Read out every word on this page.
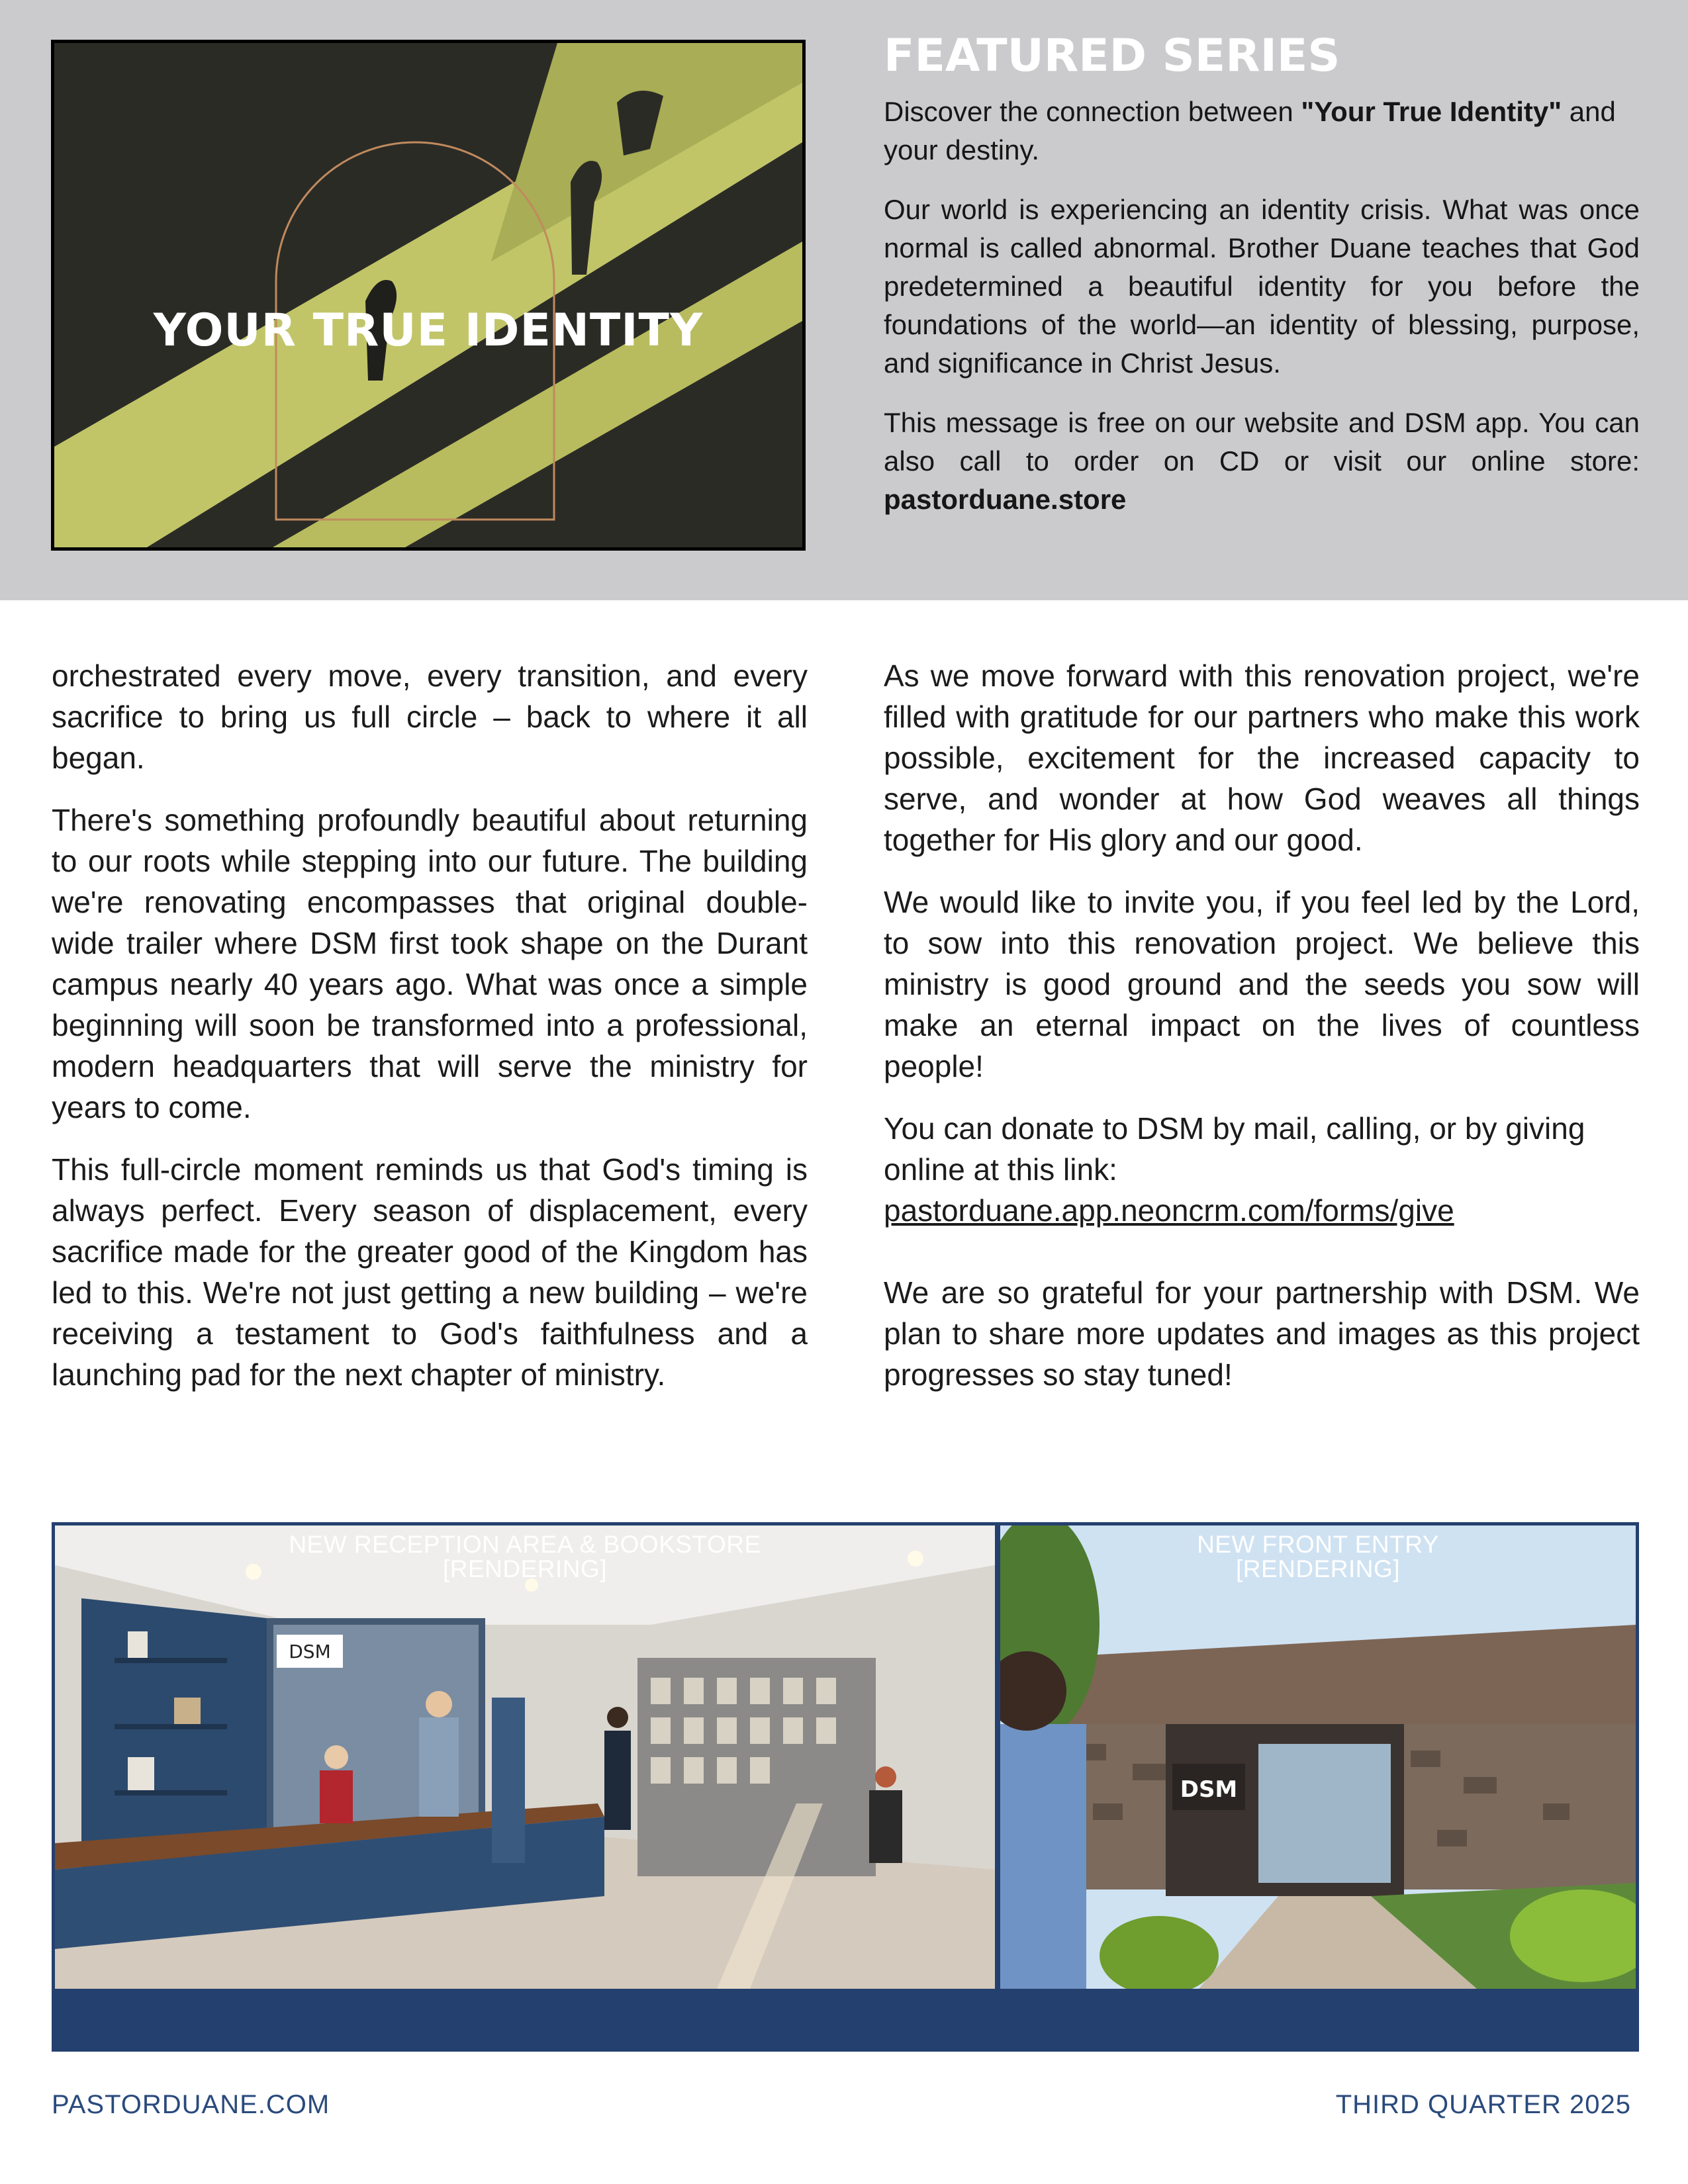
YOUR TRUE IDENTITY
FEATURED SERIES

Discover the connection between "Your True Identity" and your destiny.

Our world is experiencing an identity crisis. What was once normal is called abnormal. Brother Duane teaches that God predetermined a beautiful identity for you before the foundations of the world—an identity of blessing, purpose, and significance in Christ Jesus.

This message is free on our website and DSM app. You can also call to order on CD or visit our online store: pastorduane.store

orchestrated every move, every transition, and every sacrifice to bring us full circle – back to where it all began.

There's something profoundly beautiful about returning to our roots while stepping into our future. The building we're renovating encompasses that original double-wide trailer where DSM first took shape on the Durant campus nearly 40 years ago. What was once a simple beginning will soon be transformed into a professional, modern headquarters that will serve the ministry for years to come.

This full-circle moment reminds us that God's timing is always perfect. Every season of displacement, every sacrifice made for the greater good of the Kingdom has led to this. We're not just getting a new building – we're receiving a testament to God's faithfulness and a launching pad for the next chapter of ministry.

As we move forward with this renovation project, we're filled with gratitude for our partners who make this work possible, excitement for the increased capacity to serve, and wonder at how God weaves all things together for His glory and our good.

We would like to invite you, if you feel led by the Lord, to sow into this renovation project. We believe this ministry is good ground and the seeds you sow will make an eternal impact on the lives of countless people!

You can donate to DSM by mail, calling, or by giving online at this link:
pastorduane.app.neoncrm.com/forms/give

We are so grateful for your partnership with DSM. We plan to share more updates and images as this project progresses so stay tuned!

DSM
DSM
NEW RECEPTION AREA & BOOKSTORE
[RENDERING]
NEW FRONT ENTRY
[RENDERING]
PASTORDUANE.COM	THIRD QUARTER 2025
